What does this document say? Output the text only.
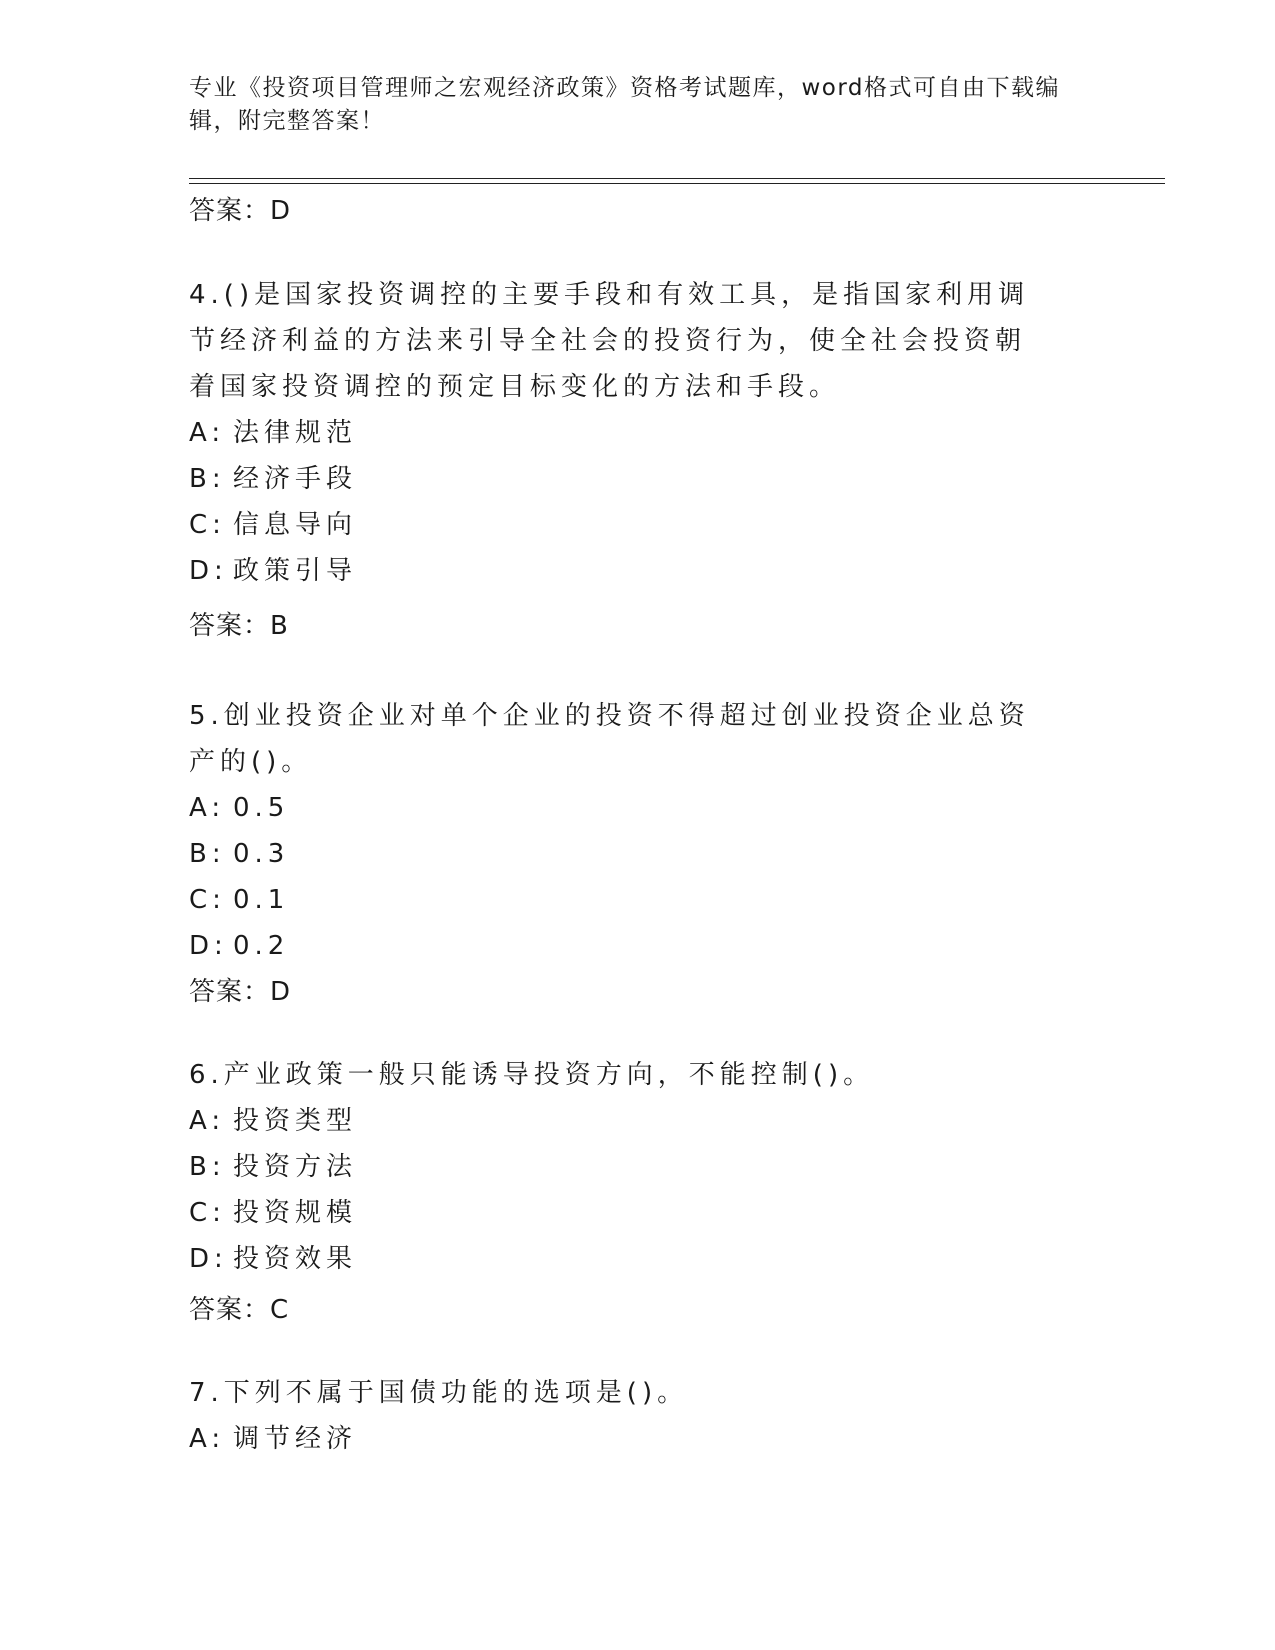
专业《投资项目管理师之宏观经济政策》资格考试题库，word格式可自由下载编辑，附完整答案！
答案：D
4.()是国家投资调控的主要手段和有效工具，是指国家利用调节经济利益的方法来引导全社会的投资行为，使全社会投资朝着国家投资调控的预定目标变化的方法和手段。
A: 法律规范
B: 经济手段
C: 信息导向
D: 政策引导
答案：B
5.创业投资企业对单个企业的投资不得超过创业投资企业总资产的()。
A: 0.5
B: 0.3
C: 0.1
D: 0.2
答案：D
6.产业政策一般只能诱导投资方向，不能控制()。
A: 投资类型
B: 投资方法
C: 投资规模
D: 投资效果
答案：C
7.下列不属于国债功能的选项是()。
A: 调节经济
